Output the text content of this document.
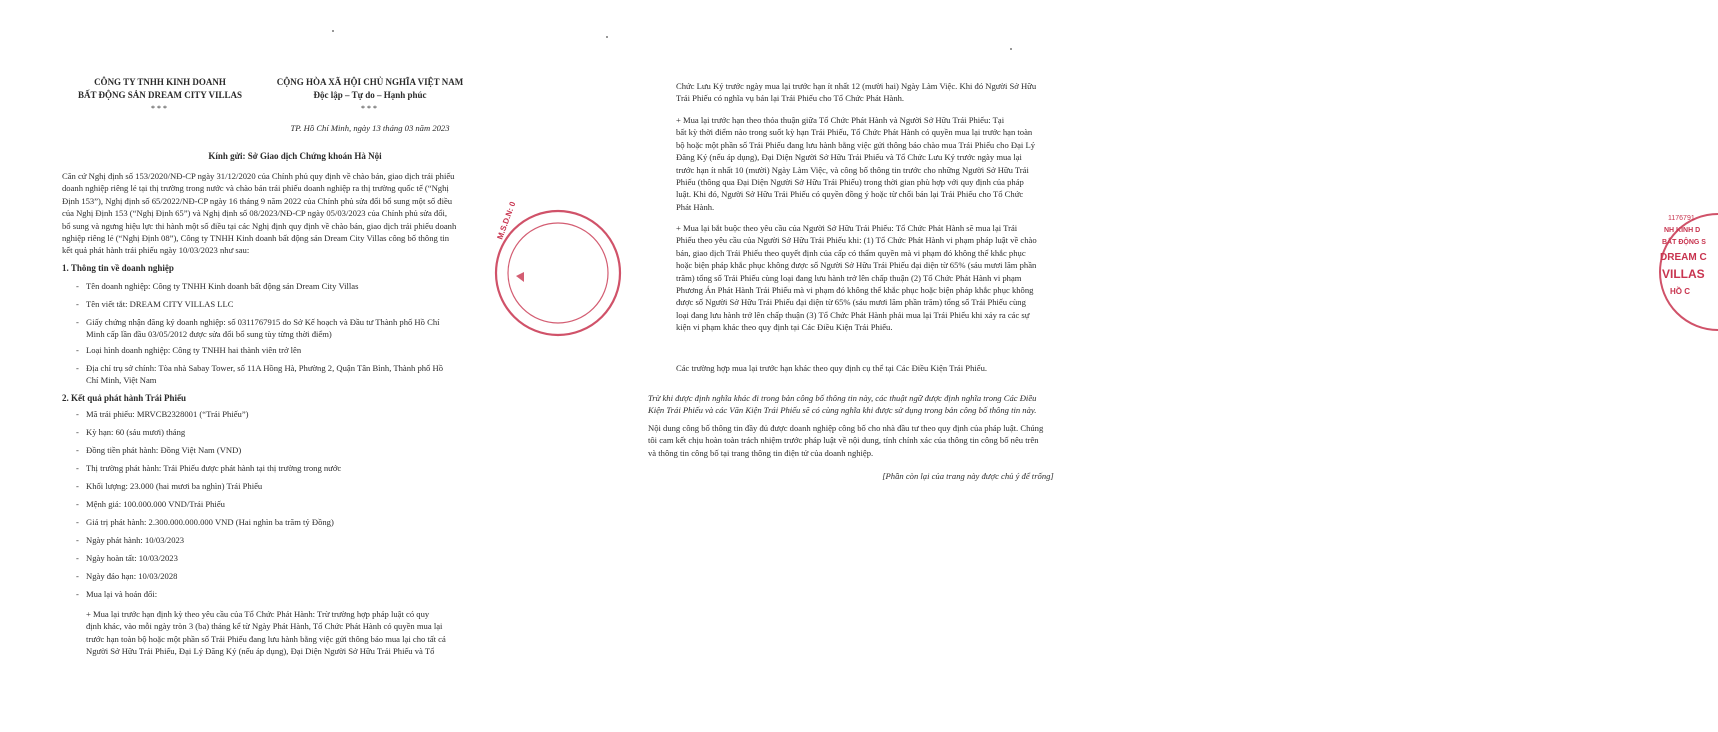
CÔNG TY TNHH KINH DOANH
BẤT ĐỘNG SẢN DREAM CITY VILLAS
***
CỘNG HÒA XÃ HỘI CHỦ NGHĨA VIỆT NAM
Độc lập – Tự do – Hạnh phúc
***
TP. Hồ Chí Minh, ngày 13 tháng 03 năm 2023
Kính gửi: Sở Giao dịch Chứng khoán Hà Nội
Căn cứ Nghị định số 153/2020/NĐ-CP ngày 31/12/2020 của Chính phủ quy định về chào bán, giao dịch trái phiếu
doanh nghiệp riêng lẻ tại thị trường trong nước và chào bán trái phiếu doanh nghiệp ra thị trường quốc tế (“Nghị
Định 153”), Nghị định số 65/2022/NĐ-CP ngày 16 tháng 9 năm 2022 của Chính phủ sửa đổi bổ sung một số điều
của Nghị Định 153 (“Nghị Định 65”) và Nghị định số 08/2023/NĐ-CP ngày 05/03/2023 của Chính phủ sửa đổi,
bổ sung và ngưng hiệu lực thi hành một số điều tại các Nghị định quy định về chào bán, giao dịch trái phiếu doanh
nghiệp riêng lẻ (“Nghị Định 08”), Công ty TNHH Kinh doanh bất động sản Dream City Villas công bố thông tin
kết quả phát hành trái phiếu ngày 10/03/2023 như sau:
1. Thông tin về doanh nghiệp
- Tên doanh nghiệp: Công ty TNHH Kinh doanh bất động sản Dream City Villas
- Tên viết tắt: DREAM CITY VILLAS LLC
- Giấy chứng nhận đăng ký doanh nghiệp: số 0311767915 do Sở Kế hoạch và Đầu tư Thành phố Hồ Chí
Minh cấp lần đầu 03/05/2012 được sửa đổi bổ sung tùy từng thời điểm)
- Loại hình doanh nghiệp: Công ty TNHH hai thành viên trở lên
- Địa chỉ trụ sở chính: Tòa nhà Sabay Tower, số 11A Hồng Hà, Phường 2, Quận Tân Bình, Thành phố Hồ
Chí Minh, Việt Nam
2. Kết quả phát hành Trái Phiếu
- Mã trái phiếu: MRVCB2328001 (“Trái Phiếu”)
- Kỳ hạn: 60 (sáu mươi) tháng
- Đồng tiền phát hành: Đồng Việt Nam (VND)
- Thị trường phát hành: Trái Phiếu được phát hành tại thị trường trong nước
- Khối lượng: 23.000 (hai mươi ba nghìn) Trái Phiếu
- Mệnh giá: 100.000.000 VND/Trái Phiếu
- Giá trị phát hành: 2.300.000.000.000 VND (Hai nghìn ba trăm tỷ Đồng)
- Ngày phát hành: 10/03/2023
- Ngày hoàn tất: 10/03/2023
- Ngày đáo hạn: 10/03/2028
- Mua lại và hoán đổi:
+ Mua lại trước hạn định kỳ theo yêu cầu của Tổ Chức Phát Hành: Trừ trường hợp pháp luật có quy
định khác, vào mỗi ngày tròn 3 (ba) tháng kể từ Ngày Phát Hành, Tổ Chức Phát Hành có quyền mua lại
trước hạn toàn bộ hoặc một phần số Trái Phiếu đang lưu hành bằng việc gửi thông báo mua lại cho tất cả
Người Sở Hữu Trái Phiếu, Đại Lý Đăng Ký (nếu áp dụng), Đại Diện Người Sở Hữu Trái Phiếu và Tổ
M.S.D.N: 0
Chức Lưu Ký trước ngày mua lại trước hạn ít nhất 12 (mười hai) Ngày Làm Việc. Khi đó Người Sở Hữu
Trái Phiếu có nghĩa vụ bán lại Trái Phiếu cho Tổ Chức Phát Hành.
+ Mua lại trước hạn theo thỏa thuận giữa Tổ Chức Phát Hành và Người Sở Hữu Trái Phiếu: Tại
bất kỳ thời điểm nào trong suốt kỳ hạn Trái Phiếu, Tổ Chức Phát Hành có quyền mua lại trước hạn toàn
bộ hoặc một phần số Trái Phiếu đang lưu hành bằng việc gửi thông báo chào mua Trái Phiếu cho Đại Lý
Đăng Ký (nếu áp dụng), Đại Diện Người Sở Hữu Trái Phiếu và Tổ Chức Lưu Ký trước ngày mua lại
trước hạn ít nhất 10 (mười) Ngày Làm Việc, và công bố thông tin trước cho những Người Sở Hữu Trái
Phiếu (thông qua Đại Diện Người Sở Hữu Trái Phiếu) trong thời gian phù hợp với quy định của pháp
luật. Khi đó, Người Sở Hữu Trái Phiếu có quyền đồng ý hoặc từ chối bán lại Trái Phiếu cho Tổ Chức
Phát Hành.
+ Mua lại bắt buộc theo yêu cầu của Người Sở Hữu Trái Phiếu: Tổ Chức Phát Hành sẽ mua lại Trái
Phiếu theo yêu cầu của Người Sở Hữu Trái Phiếu khi: (1) Tổ Chức Phát Hành vi phạm pháp luật về chào
bán, giao dịch Trái Phiếu theo quyết định của cấp có thẩm quyền mà vi phạm đó không thể khắc phục
hoặc biện pháp khắc phục không được số Người Sở Hữu Trái Phiếu đại diện từ 65% (sáu mươi lăm phần
trăm) tổng số Trái Phiếu cùng loại đang lưu hành trở lên chấp thuận (2) Tổ Chức Phát Hành vi phạm
Phương Án Phát Hành Trái Phiếu mà vi phạm đó không thể khắc phục hoặc biện pháp khắc phục không
được số Người Sở Hữu Trái Phiếu đại diện từ 65% (sáu mươi lăm phần trăm) tổng số Trái Phiếu cùng
loại đang lưu hành trở lên chấp thuận (3) Tổ Chức Phát Hành phải mua lại Trái Phiếu khi xảy ra các sự
kiện vi phạm khác theo quy định tại Các Điều Kiện Trái Phiếu.
Các trường hợp mua lại trước hạn khác theo quy định cụ thể tại Các Điều Kiện Trái Phiếu.
Trừ khi được định nghĩa khác đi trong bản công bố thông tin này, các thuật ngữ được định nghĩa trong Các Điều
Kiện Trái Phiếu và các Văn Kiện Trái Phiếu sẽ có cùng nghĩa khi được sử dụng trong bản công bố thông tin này.
Nội dung công bố thông tin đầy đủ được doanh nghiệp công bố cho nhà đầu tư theo quy định của pháp luật. Chúng
tôi cam kết chịu hoàn toàn trách nhiệm trước pháp luật về nội dung, tính chính xác của thông tin công bố nêu trên
và thông tin công bố tại trang thông tin điện tử của doanh nghiệp.
[Phần còn lại của trang này được chủ ý để trống]
1176791
NH KINH D
BẤT ĐỘNG S
DREAM C
VILLAS
HỒ C
